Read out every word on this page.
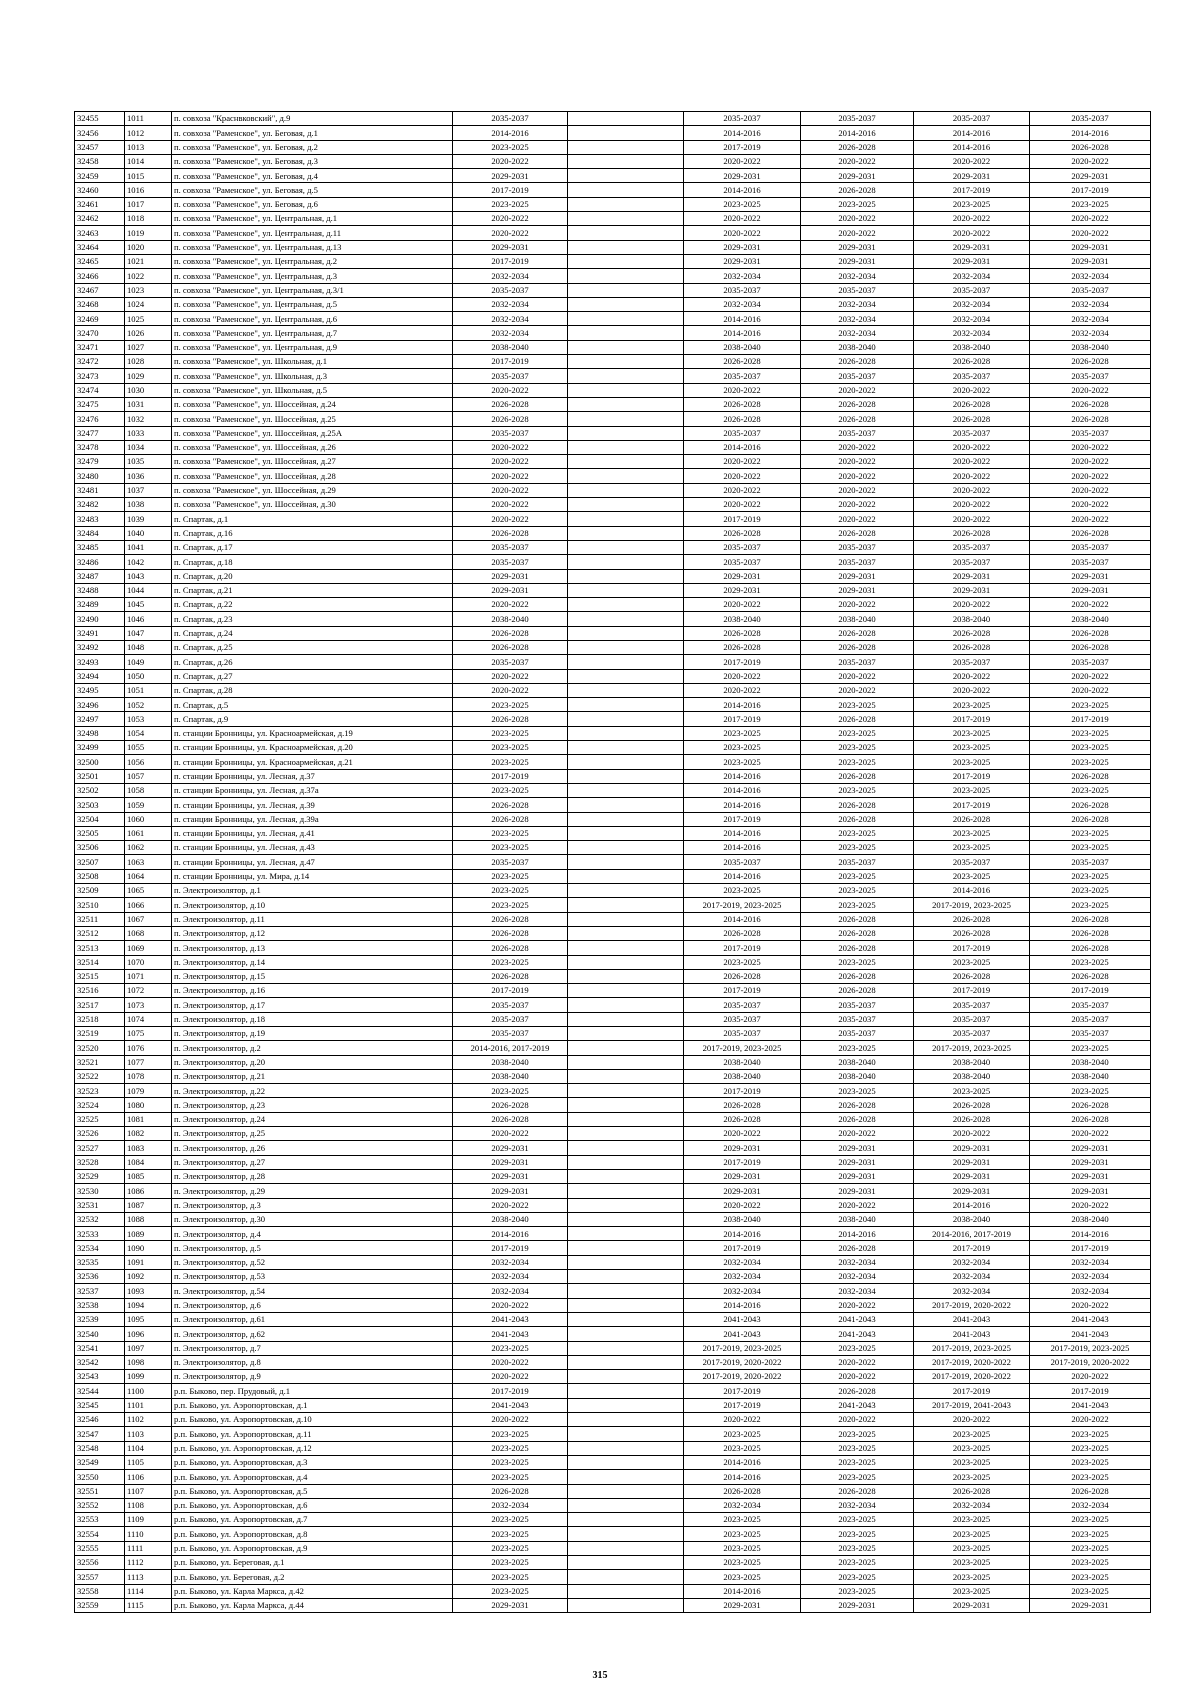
32455	1011	п. совхоза "Краснвковский", д.9	2035-2037		2035-2037	2035-2037	2035-2037	2035-2037
32456	1012	п. совхоза "Раменское", ул. Беговая, д.1	2014-2016		2014-2016	2014-2016	2014-2016	2014-2016
32457	1013	п. совхоза "Раменское", ул. Беговая, д.2	2023-2025		2017-2019	2026-2028	2014-2016	2026-2028
32458	1014	п. совхоза "Раменское", ул. Беговая, д.3	2020-2022		2020-2022	2020-2022	2020-2022	2020-2022
32459	1015	п. совхоза "Раменское", ул. Беговая, д.4	2029-2031		2029-2031	2029-2031	2029-2031	2029-2031
32460	1016	п. совхоза "Раменское", ул. Беговая, д.5	2017-2019		2014-2016	2026-2028	2017-2019	2017-2019
32461	1017	п. совхоза "Раменское", ул. Беговая, д.6	2023-2025		2023-2025	2023-2025	2023-2025	2023-2025
32462	1018	п. совхоза "Раменское", ул. Центральная, д.1	2020-2022		2020-2022	2020-2022	2020-2022	2020-2022
32463	1019	п. совхоза "Раменское", ул. Центральная, д.11	2020-2022		2020-2022	2020-2022	2020-2022	2020-2022
32464	1020	п. совхоза "Раменское", ул. Центральная, д.13	2029-2031		2029-2031	2029-2031	2029-2031	2029-2031
32465	1021	п. совхоза "Раменское", ул. Центральная, д.2	2017-2019		2029-2031	2029-2031	2029-2031	2029-2031
32466	1022	п. совхоза "Раменское", ул. Центральная, д.3	2032-2034		2032-2034	2032-2034	2032-2034	2032-2034
32467	1023	п. совхоза "Раменское", ул. Центральная, д.3/1	2035-2037		2035-2037	2035-2037	2035-2037	2035-2037
32468	1024	п. совхоза "Раменское", ул. Центральная, д.5	2032-2034		2032-2034	2032-2034	2032-2034	2032-2034
32469	1025	п. совхоза "Раменское", ул. Центральная, д.6	2032-2034		2014-2016	2032-2034	2032-2034	2032-2034
32470	1026	п. совхоза "Раменское", ул. Центральная, д.7	2032-2034		2014-2016	2032-2034	2032-2034	2032-2034
32471	1027	п. совхоза "Раменское", ул. Центральная, д.9	2038-2040		2038-2040	2038-2040	2038-2040	2038-2040
32472	1028	п. совхоза "Раменское", ул. Школьная, д.1	2017-2019		2026-2028	2026-2028	2026-2028	2026-2028
32473	1029	п. совхоза "Раменское", ул. Школьная, д.3	2035-2037		2035-2037	2035-2037	2035-2037	2035-2037
32474	1030	п. совхоза "Раменское", ул. Школьная, д.5	2020-2022		2020-2022	2020-2022	2020-2022	2020-2022
32475	1031	п. совхоза "Раменское", ул. Шоссейная, д.24	2026-2028		2026-2028	2026-2028	2026-2028	2026-2028
32476	1032	п. совхоза "Раменское", ул. Шоссейная, д.25	2026-2028		2026-2028	2026-2028	2026-2028	2026-2028
32477	1033	п. совхоза "Раменское", ул. Шоссейная, д.25А	2035-2037		2035-2037	2035-2037	2035-2037	2035-2037
32478	1034	п. совхоза "Раменское", ул. Шоссейная, д.26	2020-2022		2014-2016	2020-2022	2020-2022	2020-2022
32479	1035	п. совхоза "Раменское", ул. Шоссейная, д.27	2020-2022		2020-2022	2020-2022	2020-2022	2020-2022
32480	1036	п. совхоза "Раменское", ул. Шоссейная, д.28	2020-2022		2020-2022	2020-2022	2020-2022	2020-2022
32481	1037	п. совхоза "Раменское", ул. Шоссейная, д.29	2020-2022		2020-2022	2020-2022	2020-2022	2020-2022
32482	1038	п. совхоза "Раменское", ул. Шоссейная, д.30	2020-2022		2020-2022	2020-2022	2020-2022	2020-2022
32483	1039	п. Спартак, д.1	2020-2022		2017-2019	2020-2022	2020-2022	2020-2022
32484	1040	п. Спартак, д.16	2026-2028		2026-2028	2026-2028	2026-2028	2026-2028
32485	1041	п. Спартак, д.17	2035-2037		2035-2037	2035-2037	2035-2037	2035-2037
32486	1042	п. Спартак, д.18	2035-2037		2035-2037	2035-2037	2035-2037	2035-2037
32487	1043	п. Спартак, д.20	2029-2031		2029-2031	2029-2031	2029-2031	2029-2031
32488	1044	п. Спартак, д.21	2029-2031		2029-2031	2029-2031	2029-2031	2029-2031
32489	1045	п. Спартак, д.22	2020-2022		2020-2022	2020-2022	2020-2022	2020-2022
32490	1046	п. Спартак, д.23	2038-2040		2038-2040	2038-2040	2038-2040	2038-2040
32491	1047	п. Спартак, д.24	2026-2028		2026-2028	2026-2028	2026-2028	2026-2028
32492	1048	п. Спартак, д.25	2026-2028		2026-2028	2026-2028	2026-2028	2026-2028
32493	1049	п. Спартак, д.26	2035-2037		2017-2019	2035-2037	2035-2037	2035-2037
32494	1050	п. Спартак, д.27	2020-2022		2020-2022	2020-2022	2020-2022	2020-2022
32495	1051	п. Спартак, д.28	2020-2022		2020-2022	2020-2022	2020-2022	2020-2022
32496	1052	п. Спартак, д.5	2023-2025		2014-2016	2023-2025	2023-2025	2023-2025
32497	1053	п. Спартак, д.9	2026-2028		2017-2019	2026-2028	2017-2019	2017-2019
32498	1054	п. станции Бронницы, ул. Красноармейская, д.19	2023-2025		2023-2025	2023-2025	2023-2025	2023-2025
32499	1055	п. станции Бронницы, ул. Красноармейская, д.20	2023-2025		2023-2025	2023-2025	2023-2025	2023-2025
32500	1056	п. станции Бронницы, ул. Красноармейская, д.21	2023-2025		2023-2025	2023-2025	2023-2025	2023-2025
32501	1057	п. станции Бронницы, ул. Лесная, д.37	2017-2019		2014-2016	2026-2028	2017-2019	2026-2028
32502	1058	п. станции Бронницы, ул. Лесная, д.37а	2023-2025		2014-2016	2023-2025	2023-2025	2023-2025
32503	1059	п. станции Бронницы, ул. Лесная, д.39	2026-2028		2014-2016	2026-2028	2017-2019	2026-2028
32504	1060	п. станции Бронницы, ул. Лесная, д.39а	2026-2028		2017-2019	2026-2028	2026-2028	2026-2028
32505	1061	п. станции Бронницы, ул. Лесная, д.41	2023-2025		2014-2016	2023-2025	2023-2025	2023-2025
32506	1062	п. станции Бронницы, ул. Лесная, д.43	2023-2025		2014-2016	2023-2025	2023-2025	2023-2025
32507	1063	п. станции Бронницы, ул. Лесная, д.47	2035-2037		2035-2037	2035-2037	2035-2037	2035-2037
32508	1064	п. станции Бронницы, ул. Мира, д.14	2023-2025		2014-2016	2023-2025	2023-2025	2023-2025
32509	1065	п. Электроизолятор, д.1	2023-2025		2023-2025	2023-2025	2014-2016	2023-2025
32510	1066	п. Электроизолятор, д.10	2023-2025		2017-2019, 2023-2025	2023-2025	2017-2019, 2023-2025	2023-2025
32511	1067	п. Электроизолятор, д.11	2026-2028		2014-2016	2026-2028	2026-2028	2026-2028
32512	1068	п. Электроизолятор, д.12	2026-2028		2026-2028	2026-2028	2026-2028	2026-2028
32513	1069	п. Электроизолятор, д.13	2026-2028		2017-2019	2026-2028	2017-2019	2026-2028
32514	1070	п. Электроизолятор, д.14	2023-2025		2023-2025	2023-2025	2023-2025	2023-2025
32515	1071	п. Электроизолятор, д.15	2026-2028		2026-2028	2026-2028	2026-2028	2026-2028
32516	1072	п. Электроизолятор, д.16	2017-2019		2017-2019	2026-2028	2017-2019	2017-2019
32517	1073	п. Электроизолятор, д.17	2035-2037		2035-2037	2035-2037	2035-2037	2035-2037
32518	1074	п. Электроизолятор, д.18	2035-2037		2035-2037	2035-2037	2035-2037	2035-2037
32519	1075	п. Электроизолятор, д.19	2035-2037		2035-2037	2035-2037	2035-2037	2035-2037
32520	1076	п. Электроизолятор, д.2	2014-2016, 2017-2019		2017-2019, 2023-2025	2023-2025	2017-2019, 2023-2025	2023-2025
32521	1077	п. Электроизолятор, д.20	2038-2040		2038-2040	2038-2040	2038-2040	2038-2040
32522	1078	п. Электроизолятор, д.21	2038-2040		2038-2040	2038-2040	2038-2040	2038-2040
32523	1079	п. Электроизолятор, д.22	2023-2025		2017-2019	2023-2025	2023-2025	2023-2025
32524	1080	п. Электроизолятор, д.23	2026-2028		2026-2028	2026-2028	2026-2028	2026-2028
32525	1081	п. Электроизолятор, д.24	2026-2028		2026-2028	2026-2028	2026-2028	2026-2028
32526	1082	п. Электроизолятор, д.25	2020-2022		2020-2022	2020-2022	2020-2022	2020-2022
32527	1083	п. Электроизолятор, д.26	2029-2031		2029-2031	2029-2031	2029-2031	2029-2031
32528	1084	п. Электроизолятор, д.27	2029-2031		2017-2019	2029-2031	2029-2031	2029-2031
32529	1085	п. Электроизолятор, д.28	2029-2031		2029-2031	2029-2031	2029-2031	2029-2031
32530	1086	п. Электроизолятор, д.29	2029-2031		2029-2031	2029-2031	2029-2031	2029-2031
32531	1087	п. Электроизолятор, д.3	2020-2022		2020-2022	2020-2022	2014-2016	2020-2022
32532	1088	п. Электроизолятор, д.30	2038-2040		2038-2040	2038-2040	2038-2040	2038-2040
32533	1089	п. Электроизолятор, д.4	2014-2016		2014-2016	2014-2016	2014-2016, 2017-2019	2014-2016
32534	1090	п. Электроизолятор, д.5	2017-2019		2017-2019	2026-2028	2017-2019	2017-2019
32535	1091	п. Электроизолятор, д.52	2032-2034		2032-2034	2032-2034	2032-2034	2032-2034
32536	1092	п. Электроизолятор, д.53	2032-2034		2032-2034	2032-2034	2032-2034	2032-2034
32537	1093	п. Электроизолятор, д.54	2032-2034		2032-2034	2032-2034	2032-2034	2032-2034
32538	1094	п. Электроизолятор, д.6	2020-2022		2014-2016	2020-2022	2017-2019, 2020-2022	2020-2022
32539	1095	п. Электроизолятор, д.61	2041-2043		2041-2043	2041-2043	2041-2043	2041-2043
32540	1096	п. Электроизолятор, д.62	2041-2043		2041-2043	2041-2043	2041-2043	2041-2043
32541	1097	п. Электроизолятор, д.7	2023-2025		2017-2019, 2023-2025	2023-2025	2017-2019, 2023-2025	2017-2019, 2023-2025
32542	1098	п. Электроизолятор, д.8	2020-2022		2017-2019, 2020-2022	2020-2022	2017-2019, 2020-2022	2017-2019, 2020-2022
32543	1099	п. Электроизолятор, д.9	2020-2022		2017-2019, 2020-2022	2020-2022	2017-2019, 2020-2022	2020-2022
32544	1100	р.п. Быково, пер. Прудовый, д.1	2017-2019		2017-2019	2026-2028	2017-2019	2017-2019
32545	1101	р.п. Быково, ул. Аэропортовская, д.1	2041-2043		2017-2019	2041-2043	2017-2019, 2041-2043	2041-2043
32546	1102	р.п. Быково, ул. Аэропортовская, д.10	2020-2022		2020-2022	2020-2022	2020-2022	2020-2022
32547	1103	р.п. Быково, ул. Аэропортовская, д.11	2023-2025		2023-2025	2023-2025	2023-2025	2023-2025
32548	1104	р.п. Быково, ул. Аэропортовская, д.12	2023-2025		2023-2025	2023-2025	2023-2025	2023-2025
32549	1105	р.п. Быково, ул. Аэропортовская, д.3	2023-2025		2014-2016	2023-2025	2023-2025	2023-2025
32550	1106	р.п. Быково, ул. Аэропортовская, д.4	2023-2025		2014-2016	2023-2025	2023-2025	2023-2025
32551	1107	р.п. Быково, ул. Аэропортовская, д.5	2026-2028		2026-2028	2026-2028	2026-2028	2026-2028
32552	1108	р.п. Быково, ул. Аэропортовская, д.6	2032-2034		2032-2034	2032-2034	2032-2034	2032-2034
32553	1109	р.п. Быково, ул. Аэропортовская, д.7	2023-2025		2023-2025	2023-2025	2023-2025	2023-2025
32554	1110	р.п. Быково, ул. Аэропортовская, д.8	2023-2025		2023-2025	2023-2025	2023-2025	2023-2025
32555	1111	р.п. Быково, ул. Аэропортовская, д.9	2023-2025		2023-2025	2023-2025	2023-2025	2023-2025
32556	1112	р.п. Быково, ул. Береговая, д.1	2023-2025		2023-2025	2023-2025	2023-2025	2023-2025
32557	1113	р.п. Быково, ул. Береговая, д.2	2023-2025		2023-2025	2023-2025	2023-2025	2023-2025
32558	1114	р.п. Быково, ул. Карла Маркса, д.42	2023-2025		2014-2016	2023-2025	2023-2025	2023-2025
32559	1115	р.п. Быково, ул. Карла Маркса, д.44	2029-2031		2029-2031	2029-2031	2029-2031	2029-2031
315
